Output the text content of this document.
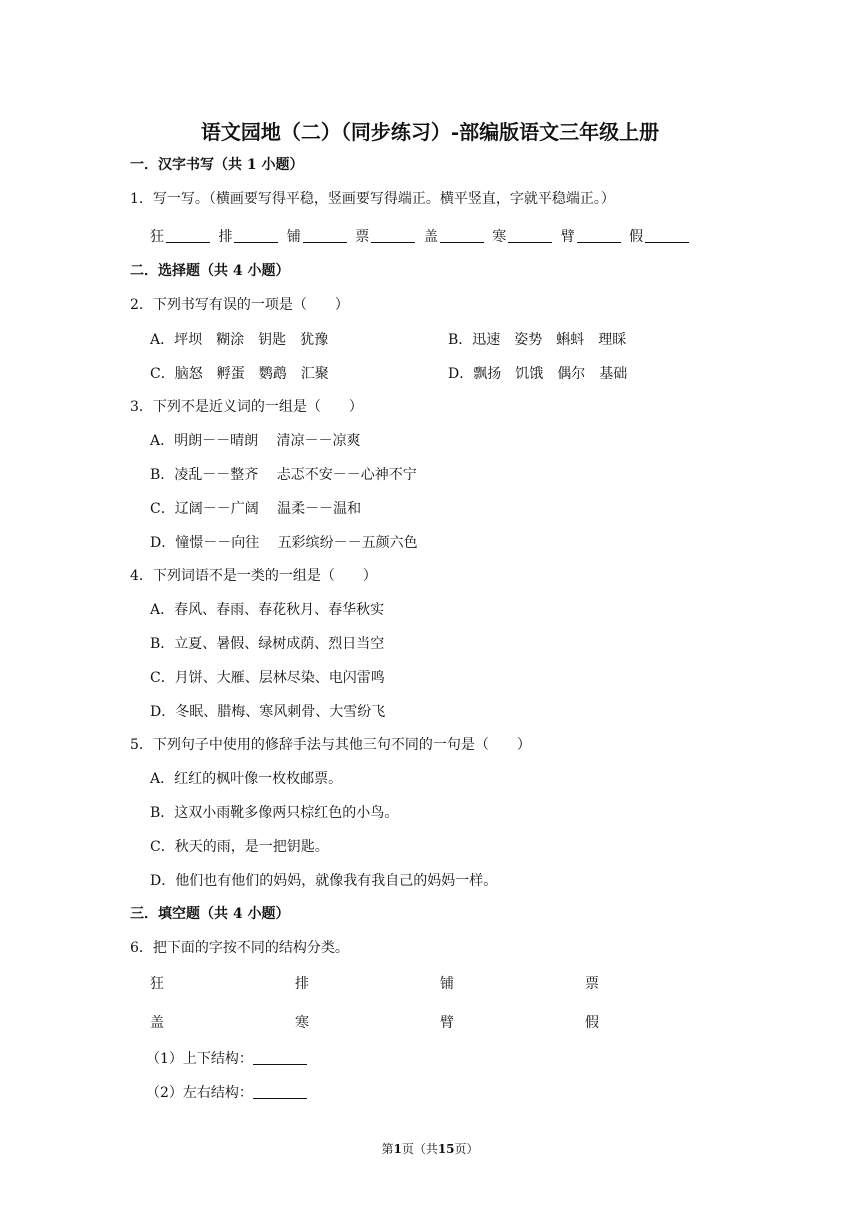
语文园地（二）（同步练习）-部编版语文三年级上册
一．汉字书写（共 1 小题）
1．写一写。（横画要写得平稳，竖画要写得端正。横平竖直，字就平稳端正。）
狂	排	铺	票	盖	寒	臂	假
二．选择题（共 4 小题）
2．下列书写有误的一项是（　　）
A．坪坝　糊涂　钥匙　犹豫	B．迅速　姿势　蝌蚪　理睬
C．脑怒　孵蛋　鹦鹉　汇聚	D．飘扬　饥饿　偶尔　基础
3．下列不是近义词的一组是（　　）
A．明朗－－晴朗　 清凉－－凉爽
B．凌乱－－整齐　 忐忑不安－－心神不宁
C．辽阔－－广阔　 温柔－－温和
D．憧憬－－向往　 五彩缤纷－－五颜六色
4．下列词语不是一类的一组是（　　）
A．春风、春雨、春花秋月、春华秋实
B．立夏、暑假、绿树成荫、烈日当空
C．月饼、大雁、层林尽染、电闪雷鸣
D．冬眠、腊梅、寒风刺骨、大雪纷飞
5．下列句子中使用的修辞手法与其他三句不同的一句是（　　）
A．红红的枫叶像一枚枚邮票。
B．这双小雨靴多像两只棕红色的小鸟。
C．秋天的雨，是一把钥匙。
D．他们也有他们的妈妈，就像我有我自己的妈妈一样。
三．填空题（共 4 小题）
6．把下面的字按不同的结构分类。
狂	排	铺	票
盖	寒	臂	假
（1）上下结构：
（2）左右结构：
第1页（共15页）
